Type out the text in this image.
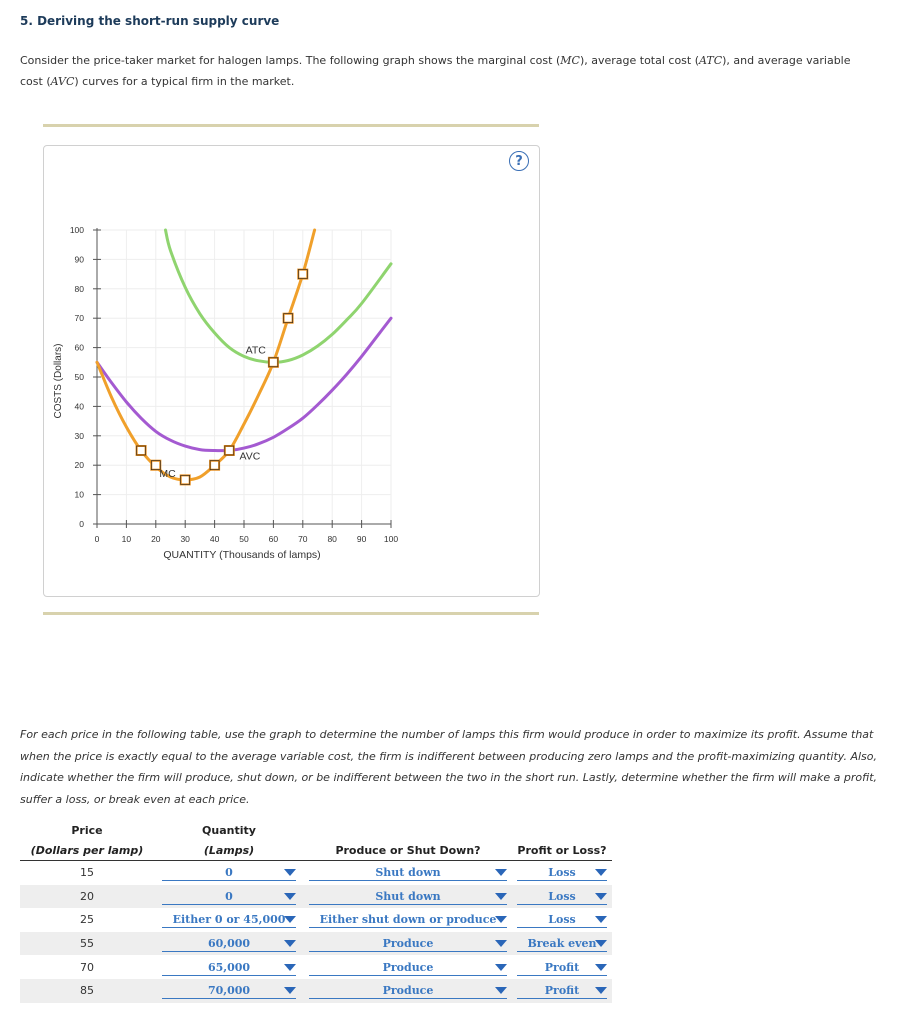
5. Deriving the short-run supply curve
Consider the price-taker market for halogen lamps. The following graph shows the marginal cost (MC), average total cost (ATC), and average variable cost (AVC) curves for a typical firm in the market.
?
0	10 20 30 40 50 60 70 80 90 100
0
10
20
30
40
50
60
70
80
90
100
QUANTITY (Thousands of lamps)
COSTS (Dollars)	ATC
AVC
MC
For each price in the following table, use the graph to determine the number of lamps this firm would produce in order to maximize its profit. Assume that when the price is exactly equal to the average variable cost, the firm is indifferent between producing zero lamps and the profit-maximizing quantity. Also, indicate whether the firm will produce, shut down, or be indifferent between the two in the short run. Lastly, determine whether the firm will make a profit, suffer a loss, or break even at each price.
Price	Quantity		
(Dollars per lamp)	(Lamps)	Produce or Shut Down?	Profit or Loss?
15	0	Shut down	Loss

20	0	Shut down	Loss

25	Either 0 or 45,000	Either shut down or produce	Loss

55	60,000	Produce	Break even

70	65,000	Produce	Profit

85	70,000	Produce	Profit
